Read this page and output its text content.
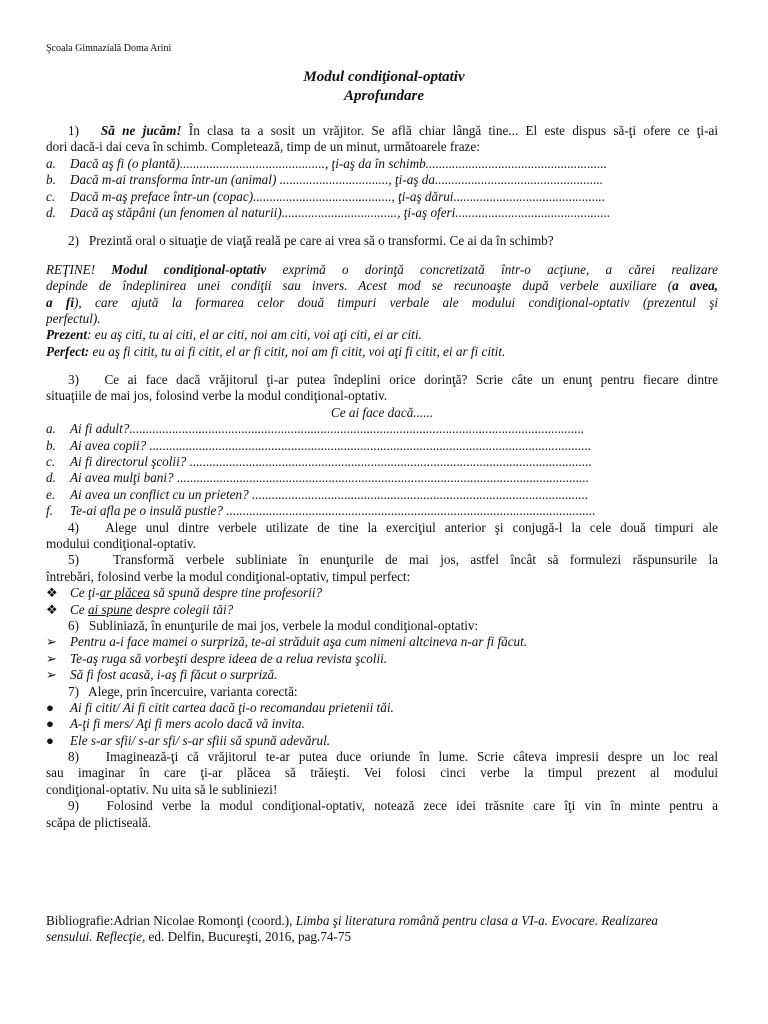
Şcoala Gimnazială Doma Arini
Modul condiţional-optativ
Aprofundare
1) Să ne jucăm! În clasa ta a sosit un vrăjitor. Se află chiar lângă tine... El este dispus să-ţi ofere ce ţi-ai
dori dacă-i dai ceva în schimb. Completează, timp de un minut, următoarele fraze:
a. Dacă aş fi (o plantă)............................................, ţi-aş da în schimb.......................................................
b. Dacă m-ai transforma într-un (animal) ................................., ţi-aş da...................................................
c. Dacă m-aş preface într-un (copac).........................................., ţi-aş dărui..............................................
d. Dacă aş stăpâni (un fenomen al naturii)..................................., ţi-aş oferi...............................................
2) Prezintă oral o situaţie de viaţă reală pe care ai vrea să o transformi. Ce ai da în schimb?
REŢINE! Modul condiţional-optativ exprimă o dorinţă concretizată într-o acţiune, a cărei realizare
depinde de îndeplinirea unei condiţii sau invers. Acest mod se recunoaşte după verbele auxiliare (a avea,
a fi), care ajută la formarea celor două timpuri verbale ale modului condiţional-optativ (prezentul şi
perfectul).
Prezent: eu aş citi, tu ai citi, el ar citi, noi am citi, voi aţi citi, ei ar citi.
Perfect: eu aş fi citit, tu ai fi citit, el ar fi citit, noi am fi citit, voi aţi fi citit, ei ar fi citit.
3) Ce ai face dacă vrăjitorul ţi-ar putea îndeplini orice dorinţă? Scrie câte un enunţ pentru fiecare dintre
situaţiile de mai jos, folosind verbe la modul condiţional-optativ.
Ce ai face dacă......
a. Ai fi adult?..........................................................................................................................................
b. Ai avea copii? ......................................................................................................................................
c. Ai fi directorul şcolii? ..........................................................................................................................
d. Ai avea mulţi bani? .............................................................................................................................
e. Ai avea un conflict cu un prieten? ......................................................................................................
f. Te-ai afla pe o insulă pustie? ................................................................................................................
4) Alege unul dintre verbele utilizate de tine la exerciţiul anterior şi conjugă-l la cele două timpuri ale
modului condiţional-optativ.
5)	Transformă verbele subliniate în enunţurile de mai jos, astfel încât să formulezi răspunsurile la
întrebări, folosind verbe la modul condiţional-optativ, timpul perfect:
❖ Ce ţi-ar plăcea să spună despre tine profesorii?
❖ Ce ai spune despre colegii tăi?
6) Subliniază, în enunţurile de mai jos, verbele la modul condiţional-optativ:
➢ Pentru a-i face mamei o surpriză, te-ai străduit aşa cum nimeni altcineva n-ar fi făcut.
➢ Te-aş ruga să vorbeşti despre ideea de a relua revista şcolii.
➢ Să fi fost acasă, i-aş fi făcut o surpriză.
7) Alege, prin încercuire, varianta corectă:
● Ai fi citit/ Ai fi citit cartea dacă ţi-o recomandau prietenii tăi.
● A-ţi fi mers/ Aţi fi mers acolo dacă vă invita.
● Ele s-ar sfii/ s-ar sfi/ s-ar sfiii să spună adevărul.
8) Imaginează-ţi că vrăjitorul te-ar putea duce oriunde în lume. Scrie câteva impresii despre un loc real
sau imaginar în care ţi-ar plăcea să trăieşti. Vei folosi cinci verbe la timpul prezent al modului
condiţional-optativ. Nu uita să le subliniezi!
9) Folosind verbe la modul condiţional-optativ, notează zece idei trăsnite care îţi vin în minte pentru a
scăpa de plictiseală.
Bibliografie:Adrian Nicolae Romonţi (coord.), Limba şi literatura română pentru clasa a VI-a. Evocare. Realizarea
sensului. Reflecţie, ed. Delfin, Bucureşti, 2016, pag.74-75
